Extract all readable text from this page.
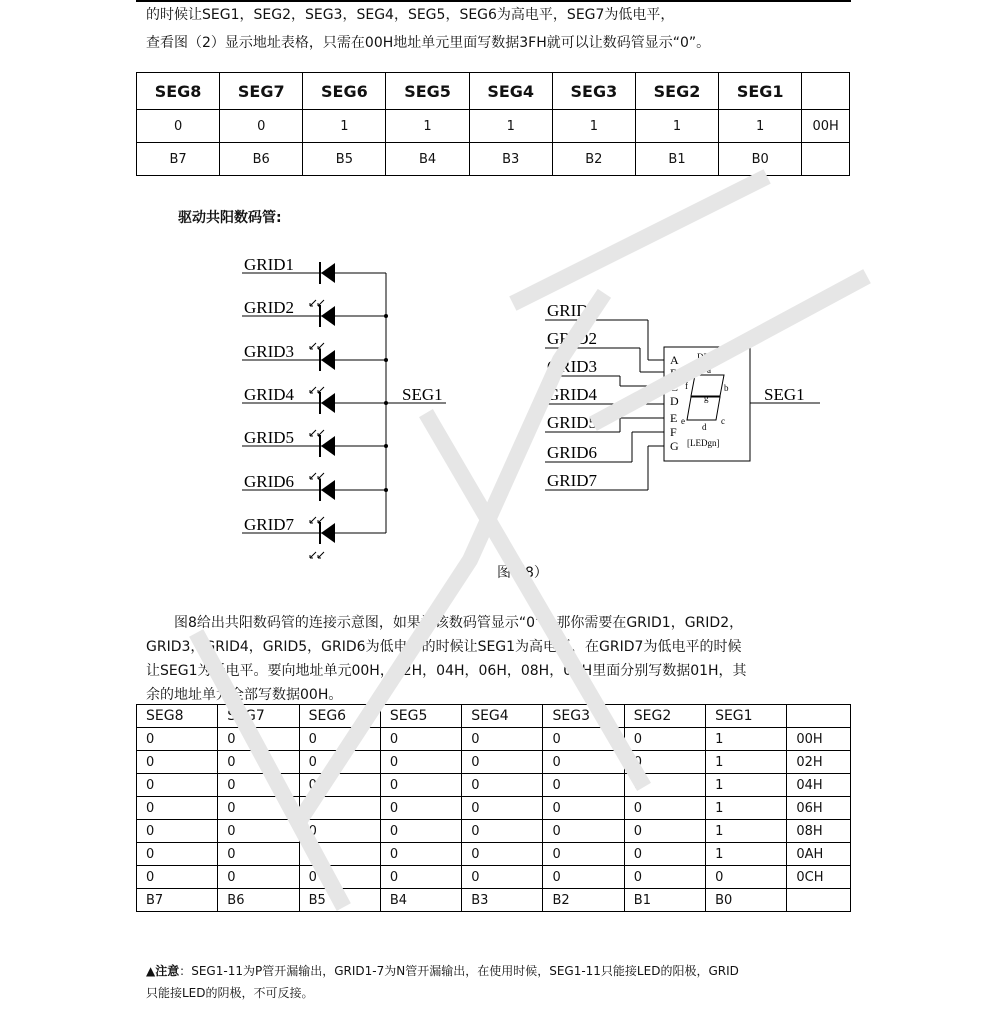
的时候让SEG1，SEG2，SEG3，SEG4，SEG5，SEG6为高电平，SEG7为低电平，
查看图（2）显示地址表格，只需在00H地址单元里面写数据3FH就可以让数码管显示“0”。
SEG8	SEG7	SEG6	SEG5	SEG4	SEG3	SEG2	SEG1	
0	0	1	1	1	1	1	1	00H
B7	B6	B5	B4	B3	B2	B1	B0	
驱动共阳数码管:
GRID1
GRID2
GRID3
GRID4
GRID5
GRID6
GRID7
SEG1
GRID1
GRID2
GRID3
GRID4
GRID5
GRID6
GRID7
SEG1
A
B
C
D
E
F
G
DPY
a
b
c
d
e
f
g
[LEDgn]
图（8）
图8给出共阳数码管的连接示意图，如果让该数码管显示“0”，那你需要在GRID1，GRID2，
GRID3，GRID4，GRID5，GRID6为低电平的时候让SEG1为高电平，在GRID7为低电平的时候
让SEG1为低电平。要向地址单元00H，02H，04H，06H，08H，0AH里面分别写数据01H，其
余的地址单元全部写数据00H。
SEG8	SEG7	SEG6	SEG5	SEG4	SEG3	SEG2	SEG1	
0	0	0	0	0	0	0	1	00H
0	0	0	0	0	0	0	1	02H
0	0	0	0	0	0	0	1	04H
0	0	0	0	0	0	0	1	06H
0	0	0	0	0	0	0	1	08H
0	0	0	0	0	0	0	1	0AH
0	0	0	0	0	0	0	0	0CH
B7	B6	B5	B4	B3	B2	B1	B0	
▲注意：SEG1-11为P管开漏输出，GRID1-7为N管开漏输出，在使用时候，SEG1-11只能接LED的阳极，GRID
只能接LED的阴极，不可反接。
